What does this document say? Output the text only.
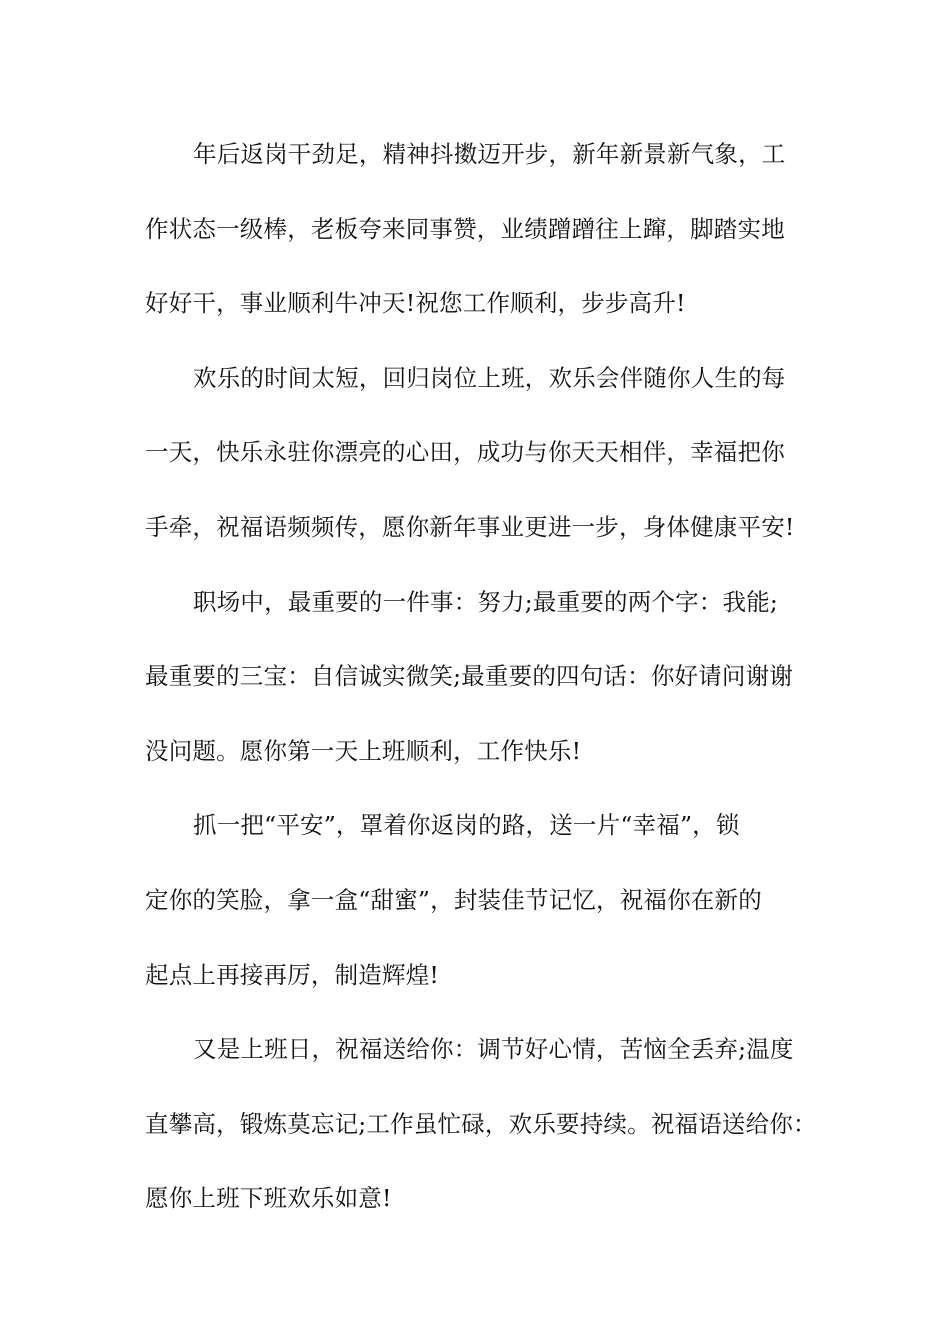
年后返岗干劲足，精神抖擞迈开步，新年新景新气象，工
作状态一级棒，老板夸来同事赞，业绩蹭蹭往上蹿，脚踏实地
好好干，事业顺利牛冲天!祝您工作顺利，步步高升!

欢乐的时间太短，回归岗位上班，欢乐会伴随你人生的每
一天，快乐永驻你漂亮的心田，成功与你天天相伴，幸福把你
手牵，祝福语频频传，愿你新年事业更进一步，身体健康平安!

职场中，最重要的一件事：努力;最重要的两个字：我能;
最重要的三宝：自信诚实微笑;最重要的四句话：你好请问谢谢
没问题。愿你第一天上班顺利，工作快乐!

抓一把“平安”，罩着你返岗的路，送一片“幸福”，锁
定你的笑脸，拿一盒“甜蜜”，封装佳节记忆，祝福你在新的
起点上再接再厉，制造辉煌!

又是上班日，祝福送给你：调节好心情，苦恼全丢弃;温度
直攀高，锻炼莫忘记;工作虽忙碌，欢乐要持续。祝福语送给你：
愿你上班下班欢乐如意!
